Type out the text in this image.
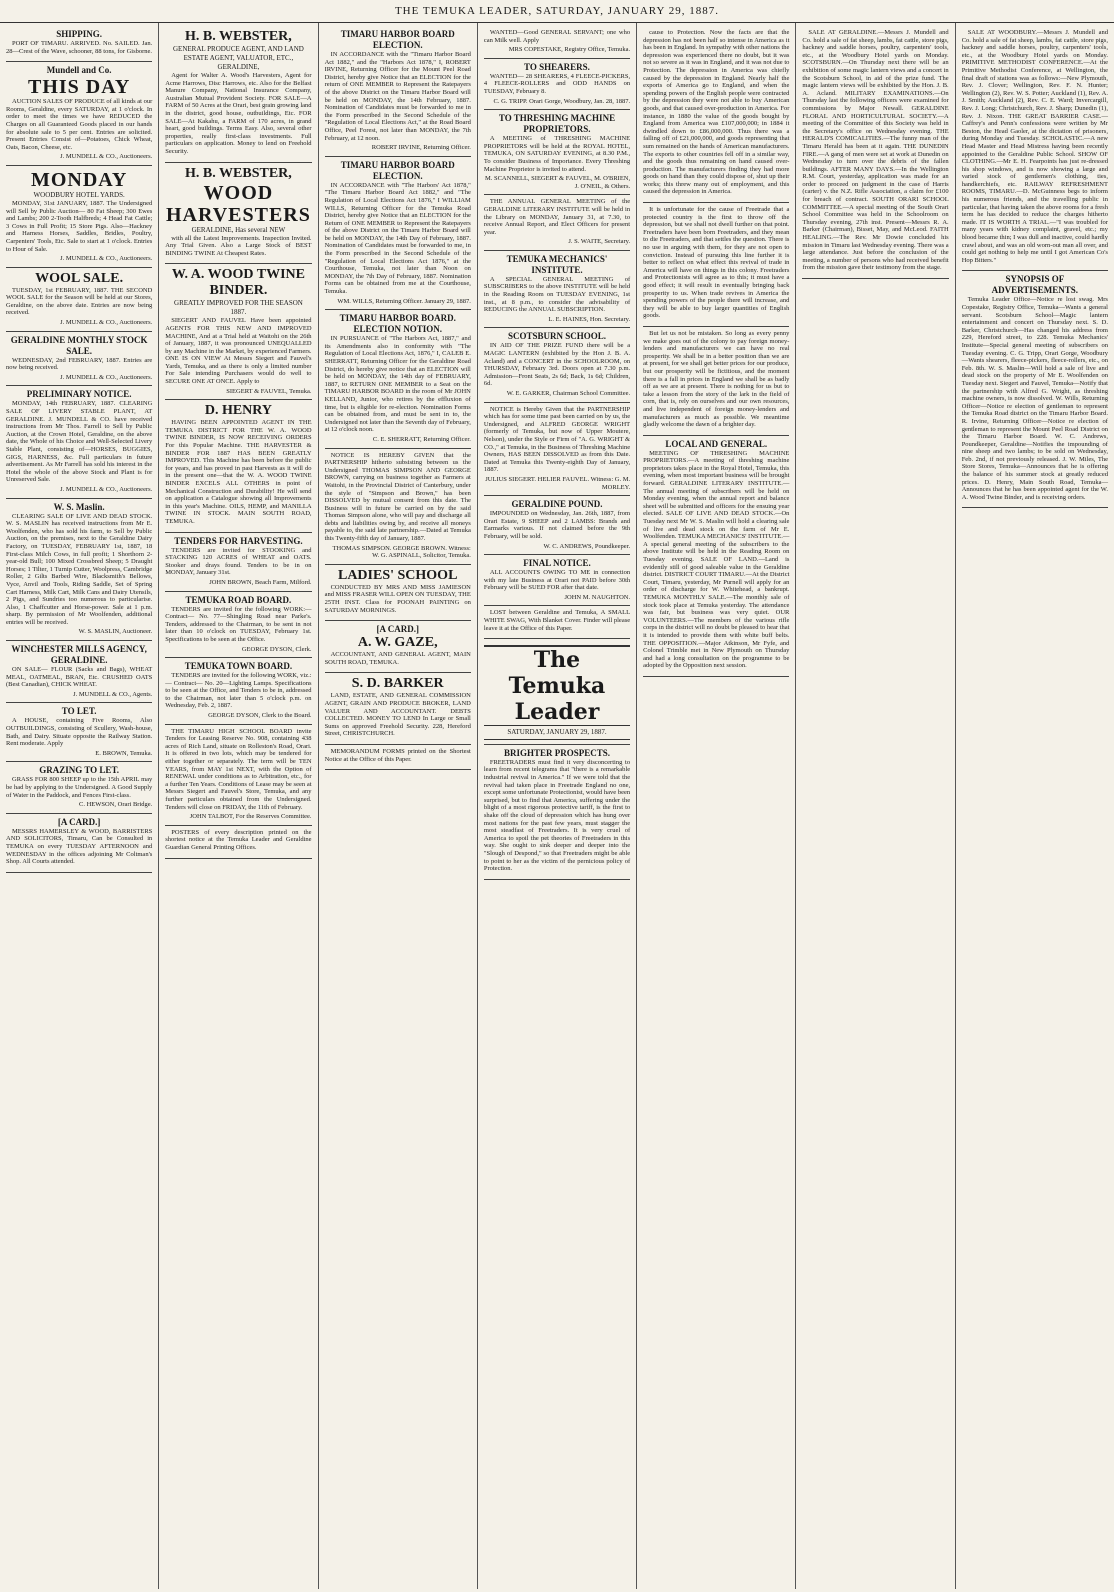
THE TEMUKA LEADER, SATURDAY, JANUARY 29, 1887.
SHIPPING.
PORT OF TIMARU. ARRIVED. No. SAILED. Jan. 28—Crest of the Wave, schooner, 88 tons, for Gisborne.
Mundell and Co.
THIS DAY
AUCTION SALES OF PRODUCE of all kinds at our Rooms, Geraldine, every SATURDAY, at 1 o'clock. In order to meet the times we have REDUCED the Charges on all Guaranteed Goods placed in our hands for absolute sale to 5 per cent. Entries are solicited. Present Entries Consist of—Potatoes, Chick Wheat, Oats, Bacon, Cheese, etc.
J. MUNDELL & CO., Auctioneers.
MONDAY
WOODBURY HOTEL YARDS.
MONDAY, 31st JANUARY, 1887. The Undersigned will Sell by Public Auction— 80 Fat Sheep; 300 Ewes and Lambs; 200 2-Tooth Halfbreds; 4 Head Fat Cattle; 3 Cows in Full Profit; 15 Store Pigs. Also—Hackney and Harness Horses, Saddles, Bridles, Poultry, Carpenters' Tools, Etc. Sale to start at 1 o'clock. Entries to Hour of Sale.
J. MUNDELL & CO., Auctioneers.
WOOL SALE.
TUESDAY, 1st FEBRUARY, 1887. THE SECOND WOOL SALE for the Season will be held at our Stores, Geraldine, on the above date. Entries are now being received.
J. MUNDELL & CO., Auctioneers.
GERALDINE MONTHLY STOCK SALE.
WEDNESDAY, 2nd FEBRUARY, 1887. Entries are now being received.
J. MUNDELL & CO., Auctioneers.
PRELIMINARY NOTICE.
MONDAY, 14th FEBRUARY, 1887. CLEARING SALE OF LIVERY STABLE PLANT, AT GERALDINE. J. MUNDELL & CO. have received instructions from Mr Thos. Farrell to Sell by Public Auction, at the Crown Hotel, Geraldine, on the above date, the Whole of his Choice and Well-Selected Livery Stable Plant, consisting of—HORSES, BUGGIES, GIGS, HARNESS, &c. Full particulars in future advertisement. As Mr Farrell has sold his interest in the Hotel the whole of the above Stock and Plant is for Unreserved Sale.
J. MUNDELL & CO., Auctioneers.
W. S. Maslin.
CLEARING SALE OF LIVE AND DEAD STOCK. W. S. MASLIN has received instructions from Mr E. Woolfenden, who has sold his farm, to Sell by Public Auction, on the premises, next to the Geraldine Dairy Factory, on TUESDAY, FEBRUARY 1st, 1887, 18 First-class Milch Cows, in full profit; 1 Shorthorn 2-year-old Bull; 100 Mixed Crossbred Sheep; 5 Draught Horses; 1 Tilter, 1 Turnip Cutter, Woolpress, Cambridge Roller, 2 Gilts Barbed Wire, Blacksmith's Bellows, Vyce, Anvil and Tools, Riding Saddle, Set of Spring Cart Harness, Milk Cart, Milk Cans and Dairy Utensils, 2 Pigs, and Sundries too numerous to particularise. Also, 1 Chaffcutter and Horse-power. Sale at 1 p.m. sharp. By permission of Mr Woolfenden, additional entries will be received.
W. S. MASLIN, Auctioneer.
WINCHESTER MILLS AGENCY, GERALDINE.
ON SALE— FLOUR (Sacks and Bags), WHEAT MEAL, OATMEAL, BRAN, Etc. CRUSHED OATS (Best Canadian), CHICK WHEAT.
J. MUNDELL & CO., Agents.
TO LET.
A HOUSE, containing Five Rooms, Also OUTBUILDINGS, consisting of Scullery, Wash-house, Bath, and Dairy. Situate opposite the Railway Station. Rent moderate. Apply
E. BROWN, Temuka.
GRAZING TO LET.
GRASS FOR 800 SHEEP up to the 15th APRIL may be had by applying to the Undersigned. A Good Supply of Water in the Paddock, and Fences First-class.
C. HEWSON, Orari Bridge.
[A CARD.]
MESSRS HAMERSLEY & WOOD, BARRISTERS AND SOLICITORS, Timaru, Can be Consulted in TEMUKA on every TUESDAY AFTERNOON and WEDNESDAY in the offices adjoining Mr Coltman's Shop. All Courts attended.
H. B. WEBSTER,
GENERAL PRODUCE AGENT, AND LAND ESTATE AGENT, VALUATOR, ETC., GERALDINE,
Agent for Walter A. Wood's Harvesters, Agent for Acme Harrows, Disc Harrows, etc. Also for the Belfast Manure Company, National Insurance Company, Australian Mutual Provident Society. FOR SALE—A FARM of 50 Acres at the Orari, best grain growing land in the district, good house, outbuildings, Etc. FOR SALE—At Kakahu, a FARM of 170 acres, in grand heart, good buildings. Terms Easy. Also, several other properties, really first-class investments. Full particulars on application. Money to lend on Freehold Security.
H. B. WEBSTER,
WOOD HARVESTERS
GERALDINE, Has several NEW
with all the Latest Improvements. Inspection Invited. Any Trial Given. Also a Large Stock of BEST BINDING TWINE At Cheapest Rates.
W. A. WOOD TWINE BINDER.
GREATLY IMPROVED FOR THE SEASON 1887.
SIEGERT AND FAUVEL Have been appointed AGENTS FOR THIS NEW AND IMPROVED MACHINE, And at a Trial held at Waitohi on the 26th of January, 1887, it was pronounced UNEQUALLED by any Machine in the Market, by experienced Farmers. ONE IS ON VIEW At Messrs Siegert and Fauvel's Yards, Temuka, and as there is only a limited number For Sale intending Purchasers would do well to SECURE ONE AT ONCE. Apply to
SIEGERT & FAUVEL, Temuka.
D. HENRY
HAVING BEEN APPOINTED AGENT IN THE TEMUKA DISTRICT FOR THE W. A. WOOD TWINE BINDER, IS NOW RECEIVING ORDERS For this Popular Machine. THE HARVESTER & BINDER FOR 1887 HAS BEEN GREATLY IMPROVED. This Machine has been before the public for years, and has proved in past Harvests as it will do in the present one—that the W. A. WOOD TWINE BINDER EXCELS ALL OTHERS in point of Mechanical Construction and Durability! He will send on application a Catalogue showing all Improvements in this year's Machine. OILS, HEMP, and MANILLA TWINE IN STOCK. MAIN SOUTH ROAD, TEMUKA.
TENDERS FOR HARVESTING.
TENDERS are invited for STOOKING and STACKING 120 ACRES of WHEAT and OATS. Stooker and drays found. Tenders to be in on MONDAY, January 31st.
JOHN BROWN, Beach Farm, Milford.
TEMUKA ROAD BOARD.
TENDERS are invited for the following WORK:— Contract— No. 77—Shingling Road near Parke's. Tenders, addressed to the Chairman, to be sent in not later than 10 o'clock on TUESDAY, February 1st. Specifications to be seen at the Office.
GEORGE DYSON, Clerk.
TEMUKA TOWN BOARD.
TENDERS are invited for the following WORK, viz.:— Contract— No. 20—Lighting Lamps. Specifications to be seen at the Office, and Tenders to be in, addressed to the Chairman, not later than 5 o'clock p.m. on Wednesday, Feb. 2, 1887.
GEORGE DYSON, Clerk to the Board.
THE TIMARU HIGH SCHOOL BOARD invite Tenders for Leasing Reserve No. 908, containing 438 acres of Rich Land, situate on Rolleston's Road, Orari. It is offered in two lots, which may be tendered for either together or separately. The term will be TEN YEARS, from MAY 1st NEXT, with the Option of RENEWAL under conditions as to Arbitration, etc., for a further Ten Years. Conditions of Lease may be seen at Messrs Siegert and Fauvel's Store, Temuka, and any further particulars obtained from the Undersigned. Tenders will close on FRIDAY, the 11th of February.
JOHN TALBOT, For the Reserves Committee.
POSTERS of every description printed on the shortest notice at the Temuka Leader and Geraldine Guardian General Printing Offices.
TIMARU HARBOR BOARD ELECTION.
IN ACCORDANCE with the "Timaru Harbor Board Act 1882," and the "Harbors Act 1878," I, ROBERT IRVINE, Returning Officer for the Mount Peel Road District, hereby give Notice that an ELECTION for the return of ONE MEMBER to Represent the Ratepayers of the above District on the Timaru Harbor Board will be held on MONDAY, the 14th February, 1887. Nomination of Candidates must be forwarded to me in the Form prescribed in the Second Schedule of the "Regulation of Local Elections Act," at the Road Board Office, Peel Forest, not later than MONDAY, the 7th February, at 12 noon.
ROBERT IRVINE, Returning Officer.
TIMARU HARBOR BOARD ELECTION.
IN ACCORDANCE with "The Harbors' Act 1878," "The Timaru Harbor Board Act 1882," and "The Regulation of Local Elections Act 1876," I WILLIAM WILLS, Returning Officer for the Temuka Road District, hereby give Notice that an ELECTION for the Return of ONE MEMBER to Represent the Ratepayers of the above District on the Timaru Harbor Board will be held on MONDAY, the 14th Day of February, 1887. Nomination of Candidates must be forwarded to me, in the Form prescribed in the Second Schedule of the "Regulation of Local Elections Act 1876," at the Courthouse, Temuka, not later than Noon on MONDAY, the 7th Day of February, 1887. Nomination Forms can be obtained from me at the Courthouse, Temuka.
WM. WILLS, Returning Officer. January 29, 1887.
TIMARU HARBOR BOARD. ELECTION NOTION.
IN PURSUANCE of "The Harbors Act, 1887," and its Amendments also in conformity with "The Regulation of Local Elections Act, 1876," I, CALEB E. SHERRATT, Returning Officer for the Geraldine Road District, do hereby give notice that an ELECTION will be held on MONDAY, the 14th day of FEBRUARY, 1887, to RETURN ONE MEMBER to a Seat on the TIMARU HARBOR BOARD in the room of Mr JOHN KELLAND, Junior, who retires by the effluxion of time, but is eligible for re-election. Nomination Forms can be obtained from, and must be sent in to, the Undersigned not later than the Seventh day of February, at 12 o'clock noon.
C. E. SHERRATT, Returning Officer.
NOTICE IS HEREBY GIVEN that the PARTNERSHIP hitherto subsisting between us the Undersigned THOMAS SIMPSON AND GEORGE BROWN, carrying on business together as Farmers at Waitohi, in the Provincial District of Canterbury, under the style of "Simpson and Brown," has been DISSOLVED by mutual consent from this date. The Business will in future be carried on by the said Thomas Simpson alone, who will pay and discharge all debts and liabilities owing by, and receive all moneys payable to, the said late partnership.—Dated at Temuka this Twenty-fifth day of January, 1887.
THOMAS SIMPSON. GEORGE BROWN. Witness: W. G. ASPINALL, Solicitor, Temuka.
LADIES' SCHOOL
CONDUCTED BY MRS AND MISS JAMIESON and MISS FRASER WILL OPEN ON TUESDAY, THE 25TH INST. Class for POONAH PAINTING on SATURDAY MORNINGS.
[A CARD.]
A. W. GAZE,
ACCOUNTANT, AND GENERAL AGENT, MAIN SOUTH ROAD, TEMUKA.
S. D. BARKER
LAND, ESTATE, AND GENERAL COMMISSION AGENT, GRAIN AND PRODUCE BROKER, LAND VALUER AND ACCOUNTANT. DEBTS COLLECTED. MONEY TO LEND In Large or Small Sums on approved Freehold Security. 228, Hereford Street, CHRISTCHURCH.
MEMORANDUM FORMS printed on the Shortest Notice at the Office of this Paper.
WANTED—Good GENERAL SERVANT; one who can Milk well. Apply
MRS COPESTAKE, Registry Office, Temuka.
TO SHEARERS.
WANTED— 28 SHEARERS, 4 FLEECE-PICKERS, 4 FLEECE-ROLLERS and ODD HANDS on TUESDAY, February 8.
C. G. TRIPP. Orari Gorge, Woodbury, Jan. 28, 1887.
TO THRESHING MACHINE PROPRIETORS.
A MEETING of THRESHING MACHINE PROPRIETORS will be held at the ROYAL HOTEL, TEMUKA, ON SATURDAY EVENING, at 8.30 P.M., To consider Business of Importance. Every Threshing Machine Proprietor is invited to attend.
M. SCANNELL, SIEGERT & FAUVEL, M. O'BRIEN, J. O'NEIL, & Others.
THE ANNUAL GENERAL MEETING of the GERALDINE LITERARY INSTITUTE will be held in the Library on MONDAY, January 31, at 7.30, to receive Annual Report, and Elect Officers for present year.
J. S. WAITE, Secretary.
TEMUKA MECHANICS' INSTITUTE.
A SPECIAL GENERAL MEETING of SUBSCRIBERS to the above INSTITUTE will be held in the Reading Room on TUESDAY EVENING, 1st inst., at 8 p.m., to consider the advisability of REDUCING the ANNUAL SUBSCRIPTION.
L. E. HAINES, Hon. Secretary.
SCOTSBURN SCHOOL.
IN AID OF THE PRIZE FUND there will be a MAGIC LANTERN (exhibited by the Hon J. B. A. Acland) and a CONCERT in the SCHOOLROOM, on THURSDAY, February 3rd. Doors open at 7.30 p.m. Admission—Front Seats, 2s 6d; Back, 1s 6d; Children, 6d.
W. E. GARKER, Chairman School Committee.
NOTICE is Hereby Given that the PARTNERSHIP which has for some time past been carried on by us, the Undersigned, and ALFRED GEORGE WRIGHT (formerly of Temuka, but now of Upper Moutere, Nelson), under the Style or Firm of "A. G. WRIGHT & CO.," at Temuka, in the Business of Threshing Machine Owners, HAS BEEN DISSOLVED as from this Date. Dated at Temuka this Twenty-eighth Day of January, 1887.
JULIUS SIEGERT. HELIER FAUVEL. Witness: G. M. MORLEY.
GERALDINE POUND.
IMPOUNDED on Wednesday, Jan. 26th, 1887, from Orari Estate, 9 SHEEP and 2 LAMBS: Brands and Earmarks various. If not claimed before the 9th February, will be sold.
W. C. ANDREWS, Poundkeeper.
FINAL NOTICE.
ALL ACCOUNTS OWING TO ME in connection with my late Business at Orari not PAID before 30th February will be SUED FOR after that date.
JOHN M. NAUGHTON.
LOST between Geraldine and Temuka, A SMALL WHITE SWAG, With Blanket Cover. Finder will please leave it at the Office of this Paper.
The Temuka Leader
SATURDAY, JANUARY 29, 1887.
BRIGHTER PROSPECTS.
FREETRADERS must find it very disconcerting to learn from recent telegrams that "there is a remarkable industrial revival in America." If we were told that the revival had taken place in Freetrade England no one, except some unfortunate Protectionist, would have been surprised, but to find that America, suffering under the blight of a most rigorous protective tariff, is the first to shake off the cloud of depression which has hung over most nations for the past few years, must stagger the most steadfast of Freetraders. It is very cruel of America to spoil the pet theories of Freetraders in this way. She ought to sink deeper and deeper into the "Slough of Despond," so that Freetraders might be able to point to her as the victim of the pernicious policy of Protection.
cause to Protection. Now the facts are that the depression has not been half so intense in America as it has been in England. In sympathy with other nations the depression was experienced there no doubt, but it was not so severe as it was in England, and it was not due to Protection. The depression in America was chiefly caused by the depression in England. Nearly half the exports of America go to England, and when the spending powers of the English people were contracted by the depression they were not able to buy American goods, and that caused over-production in America. For instance, in 1880 the value of the goods bought by England from America was £107,000,000; in 1884 it dwindled down to £86,000,000. Thus there was a falling off of £21,000,000, and goods representing that sum remained on the hands of American manufacturers. The exports to other countries fell off in a similar way, and the goods thus remaining on hand caused over-production. The manufacturers finding they had more goods on hand than they could dispose of, shut up their works; this threw many out of employment, and this caused the depression in America.
It is unfortunate for the cause of Freetrade that a protected country is the first to throw off the depression, but we shall not dwell further on that point. Freetraders have been born Freetraders, and they mean to die Freetraders, and that settles the question. There is no use in arguing with them, for they are not open to conviction. Instead of pursuing this line further it is better to reflect on what effect this revival of trade in America will have on things in this colony. Freetraders and Protectionists will agree as to this; it must have a good effect; it will result in eventually bringing back prosperity to us. When trade revives in America the spending powers of the people there will increase, and they will be able to buy larger quantities of English goods.
But let us not be mistaken. So long as every penny we make goes out of the colony to pay foreign money-lenders and manufacturers we can have no real prosperity. We shall be in a better position than we are at present, for we shall get better prices for our produce, but our prosperity will be fictitious, and the moment there is a fall in prices in England we shall be as badly off as we are at present. There is nothing for us but to take a lesson from the story of the lark in the field of corn, that is, rely on ourselves and our own resources, and live independent of foreign money-lenders and manufacturers as much as possible. We meantime gladly welcome the dawn of a brighter day.
LOCAL AND GENERAL.
MEETING OF THRESHING MACHINE PROPRIETORS.—A meeting of threshing machine proprietors takes place in the Royal Hotel, Temuka, this evening, when most important business will be brought forward. GERALDINE LITERARY INSTITUTE.—The annual meeting of subscribers will be held on Monday evening, when the annual report and balance sheet will be submitted and officers for the ensuing year elected. SALE OF LIVE AND DEAD STOCK.—On Tuesday next Mr W. S. Maslin will hold a clearing sale of live and dead stock on the farm of Mr E. Woolfenden. TEMUKA MECHANICS' INSTITUTE.—A special general meeting of the subscribers to the above Institute will be held in the Reading Room on Tuesday evening. SALE OF LAND.—Land is evidently still of good saleable value in the Geraldine district. DISTRICT COURT TIMARU.—At the District Court, Timaru, yesterday, Mr Purnell will apply for an order of discharge for W. Whitehead, a bankrupt. TEMUKA MONTHLY SALE.—The monthly sale of stock took place at Temuka yesterday. The attendance was fair, but business was very quiet. OUR VOLUNTEERS.—The members of the various rifle corps in the district will no doubt be pleased to hear that it is intended to provide them with white buff belts. THE OPPOSITION.—Major Atkinson, Mr Fyfe, and Colonel Trimble met in New Plymouth on Thursday and had a long consultation on the programme to be adopted by the Opposition next session.
SALE AT GERALDINE.—Messrs J. Mundell and Co. hold a sale of fat sheep, lambs, fat cattle, store pigs, hackney and saddle horses, poultry, carpenters' tools, etc., at the Woodbury Hotel yards on Monday. SCOTSBURN.—On Thursday next there will be an exhibition of some magic lantern views and a concert in the Scotsburn School, in aid of the prize fund. The magic lantern views will be exhibited by the Hon. J. B. A. Acland. MILITARY EXAMINATIONS.—On Thursday last the following officers were examined for commissions by Major Newall. GERALDINE FLORAL AND HORTICULTURAL SOCIETY.—A meeting of the Committee of this Society was held in the Secretary's office on Wednesday evening. THE HERALD'S COMICALITIES.—The funny man of the Timaru Herald has been at it again. THE DUNEDIN FIRE.—A gang of men were set at work at Dunedin on Wednesday to turn over the debris of the fallen buildings. AFTER MANY DAYS.—In the Wellington R.M. Court, yesterday, application was made for an order to proceed on judgment in the case of Harris (carter) v. the N.Z. Rifle Association, a claim for £100 for breach of contract. SOUTH ORARI SCHOOL COMMITTEE.—A special meeting of the South Orari School Committee was held in the Schoolroom on Thursday evening, 27th inst. Present—Messrs R. A. Barker (Chairman), Bisset, May, and McLeod. FAITH HEALING.—The Rev. Mr Dowie concluded his mission in Timaru last Wednesday evening. There was a large attendance. Just before the conclusion of the meeting, a number of persons who had received benefit from the mission gave their testimony from the stage.
SALE AT WOODBURY.—Messrs J. Mundell and Co. hold a sale of fat sheep, lambs, fat cattle, store pigs, hackney and saddle horses, poultry, carpenters' tools, etc., at the Woodbury Hotel yards on Monday. PRIMITIVE METHODIST CONFERENCE.—At the Primitive Methodist Conference, at Wellington, the final draft of stations was as follows:—New Plymouth, Rev. J. Clover; Wellington, Rev. F. N. Hunter; Wellington (2), Rev. W. S. Potter; Auckland (1), Rev. A. J. Smith; Auckland (2), Rev. C. E. Ward; Invercargill, Rev. J. Long; Christchurch, Rev. J. Sharp; Dunedin (1), Rev. J. Nixon. THE GREAT BARRIER CASE.—Caffrey's and Penn's confessions were written by Mr Beston, the Head Gaoler, at the dictation of prisoners, during Monday and Tuesday. SCHOLASTIC.—A new Head Master and Head Mistress having been recently appointed to the Geraldine Public School. SHOW OF CLOTHING.—Mr E. H. Fearpoints has just re-dressed his shop windows, and is now showing a large and varied stock of gentlemen's clothing, ties, handkerchiefs, etc. RAILWAY REFRESHMENT ROOMS, TIMARU.—D. McGuinness begs to inform his numerous friends, and the travelling public in particular, that having taken the above rooms for a fresh term he has decided to reduce the charges hitherto made. IT IS WORTH A TRIAL.—"I was troubled for many years with kidney complaint, gravel, etc.; my blood became thin; I was dull and inactive, could hardly crawl about, and was an old worn-out man all over, and could get nothing to help me until I got American Co's Hop Bitters."
SYNOPSIS OF ADVERTISEMENTS.
Temuka Leader Office—Notice re lost swag. Mrs Copestake, Registry Office, Temuka—Wants a general servant. Scotsburn School—Magic lantern entertainment and concert on Thursday next. S. D. Barker, Christchurch—Has changed his address from 229, Hereford street, to 228. Temuka Mechanics' Institute—Special general meeting of subscribers on Tuesday evening. C. G. Tripp, Orari Gorge, Woodbury—Wants shearers, fleece-pickers, fleece-rollers, etc., on Feb. 8th. W. S. Maslin—Will hold a sale of live and dead stock on the property of Mr E. Woolfenden on Tuesday next. Siegert and Fauvel, Temuka—Notify that the partnership with Alfred G. Wright, as threshing machine owners, is now dissolved. W. Wills, Returning Officer—Notice re election of gentleman to represent the Temuka Road district on the Timaru Harbor Board. R. Irvine, Returning Officer—Notice re election of gentleman to represent the Mount Peel Road District on the Timaru Harbor Board. W. C. Andrews, Poundkeeper, Geraldine—Notifies the impounding of nine sheep and two lambs; to be sold on Wednesday, Feb. 2nd, if not previously released. J. W. Miles, The Store Stores, Temuka—Announces that he is offering the balance of his summer stock at greatly reduced prices. D. Henry, Main South Road, Temuka—Announces that he has been appointed agent for the W. A. Wood Twine Binder, and is receiving orders.
